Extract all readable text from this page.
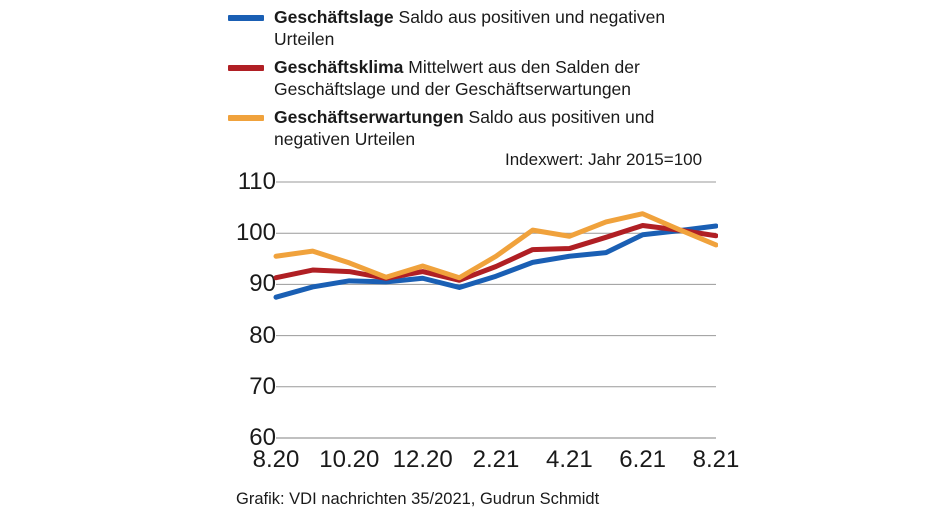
Geschäftslage Saldo aus positiven und negativen Urteilen
Geschäftsklima Mittelwert aus den Salden der Geschäftslage und der Geschäftserwartungen
Geschäftserwartungen Saldo aus positiven und negativen Urteilen
Indexwert: Jahr 2015=100
60
70
80
90
100
110
8.20 10.20 12.20 2.21 4.21 6.21 8.21
Grafik: VDI nachrichten 35/2021, Gudrun Schmidt
